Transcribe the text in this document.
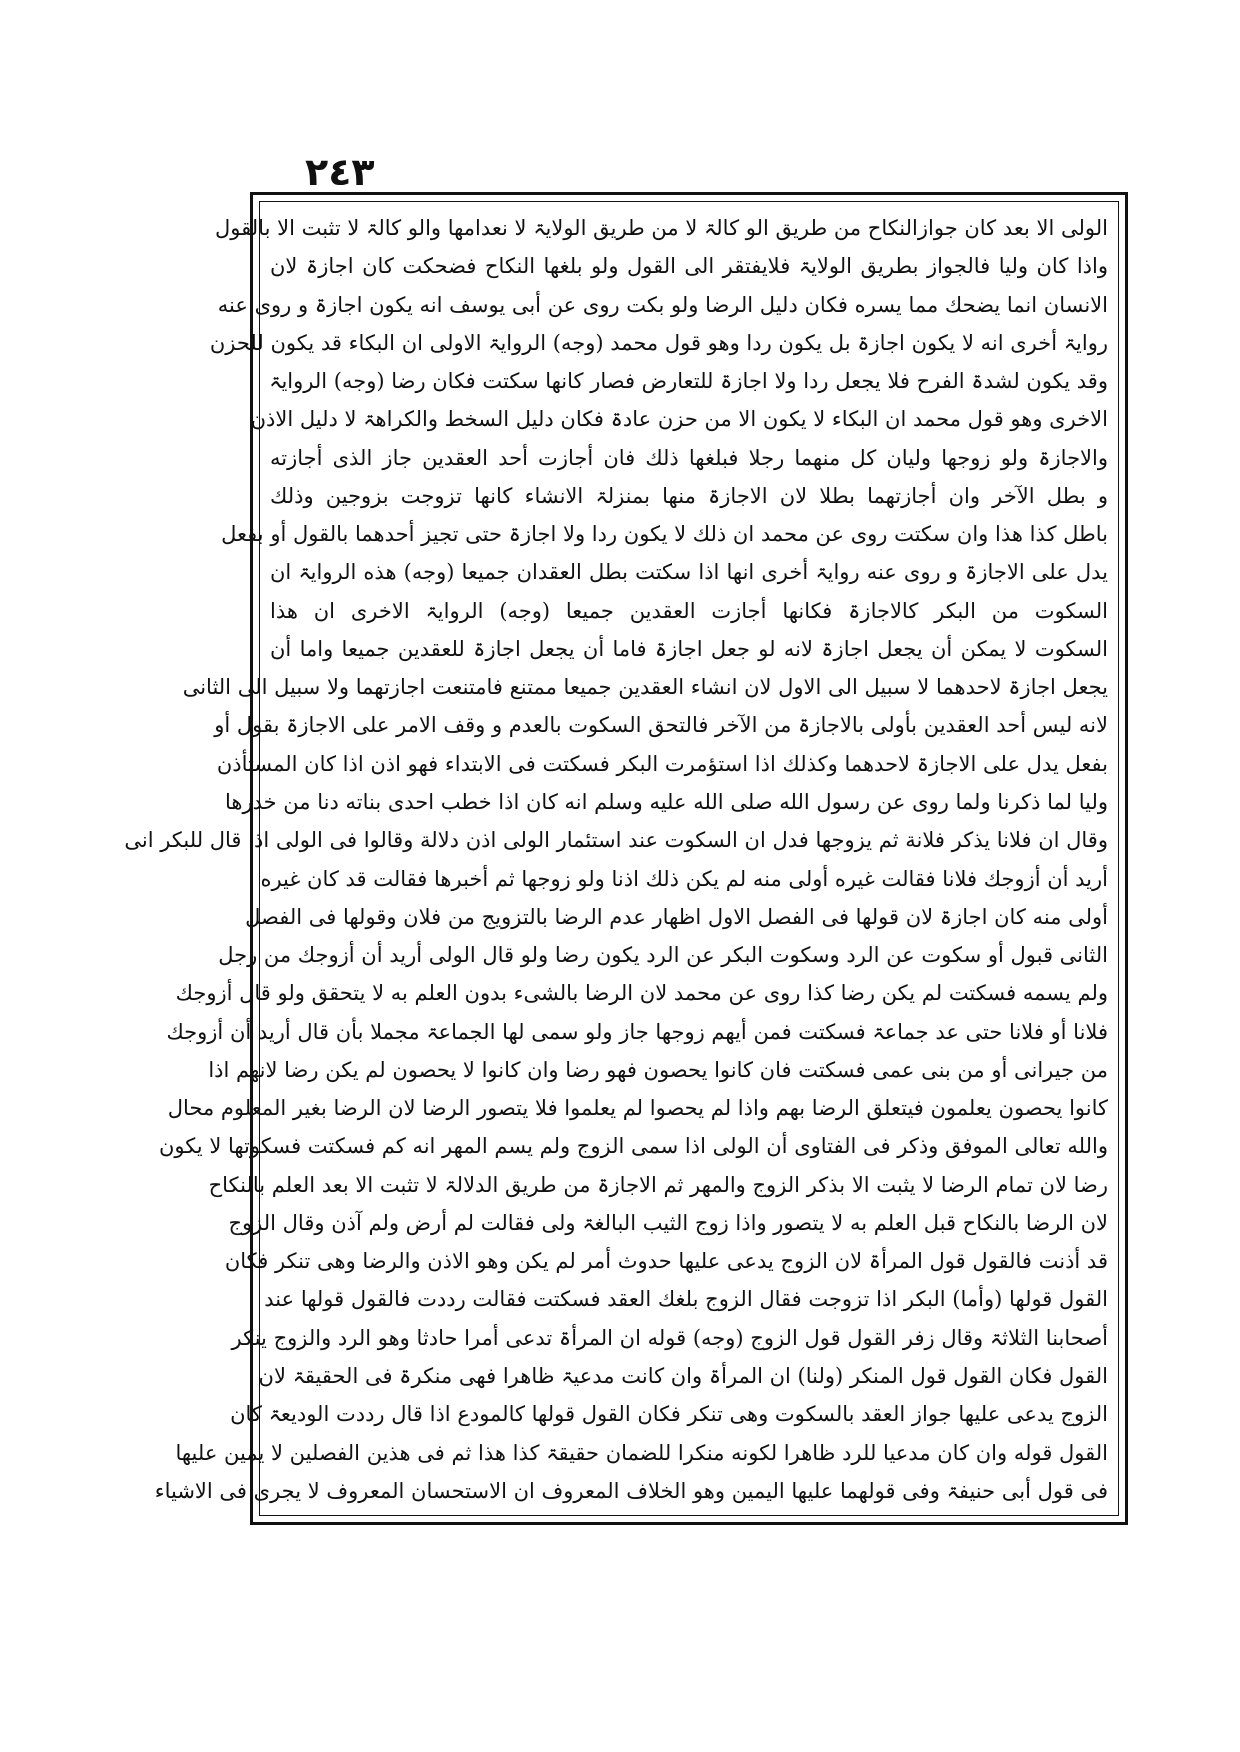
٢٤٣
الولی الا بعد کان جوازالنکاح من طریق الو کالۃ لا من طریق الولایۃ لا نعدامها والو کالۃ لا تثبت الا بالقول
واذا کان ولیا فالجواز بطریق الولایۃ فلایفتقر الی القول ولو بلغها النکاح فضحکت کان اجازۃ لان
الانسان انما یضحك مما یسره فکان دلیل الرضا ولو بکت روی عن أبی یوسف انه یکون اجازۃ و روی عنه
روایۃ أخری انه لا یکون اجازۃ بل یکون ردا وهو قول محمد (وجه) الروایۃ الاولی ان البکاء قد یکون للحزن
وقد یکون لشدۃ الفرح فلا یجعل ردا ولا اجازۃ للتعارض فصار کانها سکتت فکان رضا (وجه) الروایۃ
الاخری وهو قول محمد ان البکاء لا یکون الا من حزن عادۃ فکان دلیل السخط والکراهۃ لا دلیل الاذن
والاجازۃ ولو زوجها ولیان کل منهما رجلا فبلغها ذلك فان أجازت أحد العقدین جاز الذی أجازته
و بطل الآخر وان أجازتهما بطلا لان الاجازۃ منها بمنزلۃ الانشاء کانها تزوجت بزوجین وذلك
باطل کذا هذا وان سکتت روی عن محمد ان ذلك لا یکون ردا ولا اجازۃ حتی تجیز أحدهما بالقول أو بفعل
یدل علی الاجازۃ و روی عنه روایۃ أخری انها اذا سکتت بطل العقدان جمیعا (وجه) هذه الروایۃ ان
السکوت من البکر کالاجازۃ فکانها أجازت العقدین جمیعا (وجه) الروایۃ الاخری ان هذا
السکوت لا یمکن أن یجعل اجازۃ لانه لو جعل اجازۃ فاما أن یجعل اجازۃ للعقدین جمیعا واما أن
یجعل اجازۃ لاحدهما لا سبیل الی الاول لان انشاء العقدین جمیعا ممتنع فامتنعت اجازتهما ولا سبیل الی الثانی
لانه لیس أحد العقدین بأولی بالاجازۃ من الآخر فالتحق السکوت بالعدم و وقف الامر علی الاجازۃ بقول أو
بفعل یدل علی الاجازۃ لاحدهما وکذلك اذا استؤمرت البکر فسکتت فی الابتداء فهو اذن اذا کان المستأذن
ولیا لما ذکرنا ولما روی عن رسول الله صلی الله علیه وسلم انه کان اذا خطب احدی بناته دنا من خدرها
وقال ان فلانا یذکر فلانة ثم یزوجها فدل ان السکوت عند استئمار الولی اذن دلالة وقالوا فی الولی اذا قال للبکر انی
أرید أن أزوجك فلانا فقالت غیره أولی منه لم یکن ذلك اذنا ولو زوجها ثم أخبرها فقالت قد کان غیره
أولی منه کان اجازۃ لان قولها فی الفصل الاول اظهار عدم الرضا بالتزویج من فلان وقولها فی الفصل
الثانی قبول أو سکوت عن الرد وسکوت البکر عن الرد یکون رضا ولو قال الولی أرید أن أزوجك من رجل
ولم یسمه فسکتت لم یکن رضا کذا روی عن محمد لان الرضا بالشیء بدون العلم به لا یتحقق ولو قال أزوجك
فلانا أو فلانا حتی عد جماعۃ فسکتت فمن أیهم زوجها جاز ولو سمی لها الجماعۃ مجملا بأن قال أرید أن أزوجك
من جیرانی أو من بنی عمی فسکتت فان کانوا یحصون فهو رضا وان کانوا لا یحصون لم یکن رضا لانهم اذا
کانوا یحصون یعلمون فیتعلق الرضا بهم واذا لم یحصوا لم یعلموا فلا یتصور الرضا لان الرضا بغیر المعلوم محال
والله تعالی الموفق وذکر فی الفتاوی أن الولی اذا سمی الزوج ولم یسم المهر انه کم فسکتت فسکوتها لا یکون
رضا لان تمام الرضا لا یثبت الا بذکر الزوج والمهر ثم الاجازۃ من طریق الدلالۃ لا تثبت الا بعد العلم بالنکاح
لان الرضا بالنکاح قبل العلم به لا یتصور واذا زوج الثیب البالغۃ ولی فقالت لم أرض ولم آذن وقال الزوج
قد أذنت فالقول قول المرأۃ لان الزوج یدعی علیها حدوث أمر لم یکن وهو الاذن والرضا وهی تنکر فکان
القول قولها (وأما) البکر اذا تزوجت فقال الزوج بلغك العقد فسکتت فقالت رددت فالقول قولها عند
أصحابنا الثلاثۃ وقال زفر القول قول الزوج (وجه) قوله ان المرأۃ تدعی أمرا حادثا وهو الرد والزوج ینکر
القول فکان القول قول المنکر (ولنا) ان المرأۃ وان کانت مدعیۃ ظاهرا فهی منکرۃ فی الحقیقۃ لان
الزوج یدعی علیها جواز العقد بالسکوت وهی تنکر فکان القول قولها کالمودع اذا قال رددت الودیعۃ کان
القول قوله وان کان مدعیا للرد ظاهرا لکونه منکرا للضمان حقیقۃ کذا هذا ثم فی هذین الفصلین لا یمین علیها
فی قول أبی حنیفۃ وفی قولهما علیها الیمین وهو الخلاف المعروف ان الاستحسان المعروف لا یجری فی الاشیاء
